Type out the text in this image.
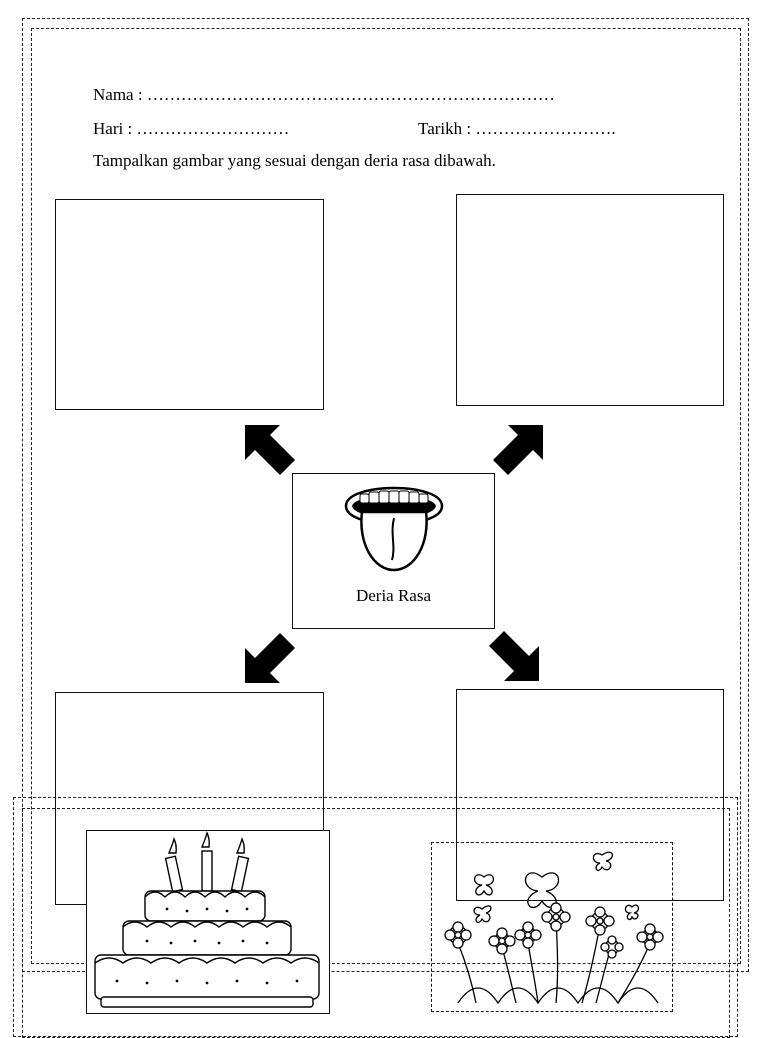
Nama : ………………………………………………………………
Hari : ………………………	Tarikh : …………………….
Tampalkan gambar yang sesuai dengan deria rasa dibawah.
Deria Rasa
